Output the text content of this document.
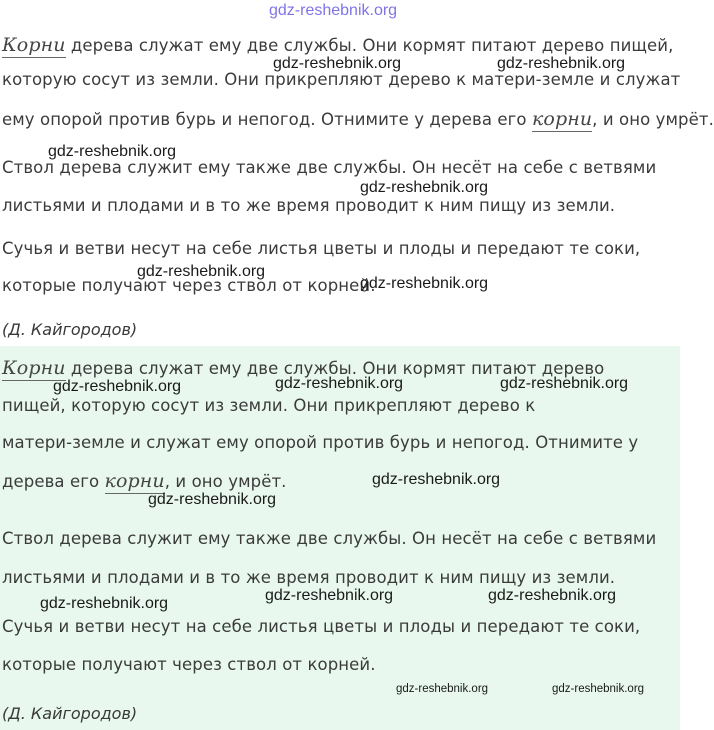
gdz-reshebnik.org
Корни дерева служат ему две службы. Они кормят питают дерево пищей,
которую сосут из земли. Они прикрепляют дерево к матери-земле и служат
ему опорой против бурь и непогод. Отнимите у дерева его корни, и оно умрёт.
Ствол дерева служит ему также две службы. Он несёт на себе с ветвями
листьями и плодами и в то же время проводит к ним пищу из земли.
Сучья и ветви несут на себе листья цветы и плоды и передают те соки,
которые получают через ствол от корней.
(Д. Кайгородов)
gdz-reshebnik.org	gdz-reshebnik.org
gdz-reshebnik.org
gdz-reshebnik.org
gdz-reshebnik.org
gdz-reshebnik.org
Корни дерева служат ему две службы. Они кормят питают дерево
пищей, которую сосут из земли. Они прикрепляют дерево к
матери-земле и служат ему опорой против бурь и непогод. Отнимите у
дерева его корни, и оно умрёт.
Ствол дерева служит ему также две службы. Он несёт на себе с ветвями
листьями и плодами и в то же время проводит к ним пищу из земли.
Сучья и ветви несут на себе листья цветы и плоды и передают те соки,
которые получают через ствол от корней.
(Д. Кайгородов)
gdz-reshebnik.org	gdz-reshebnik.org	gdz-reshebnik.org
gdz-reshebnik.org
gdz-reshebnik.org
gdz-reshebnik.org	gdz-reshebnik.org
gdz-reshebnik.org
gdz-reshebnik.org	gdz-reshebnik.org
